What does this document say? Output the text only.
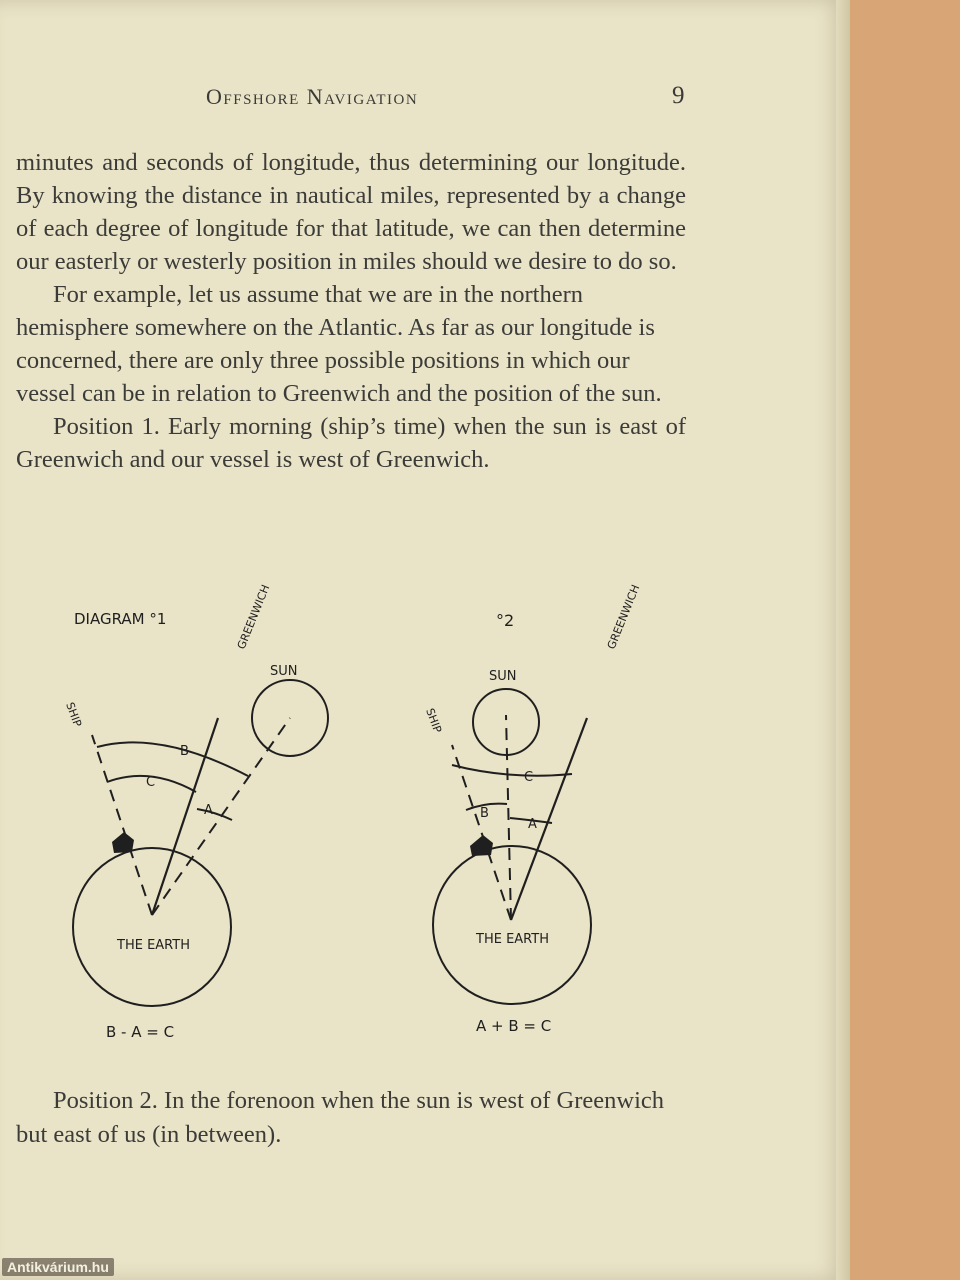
Offshore Navigation	9

minutes and seconds of longitude, thus determining our longitude. By knowing the distance in nautical miles, represented by a change of each degree of longitude for that latitude, we can then determine our easterly or westerly position in miles should we desire to do so.

For example, let us assume that we are in the northern hemisphere somewhere on the Atlantic. As far as our longitude is concerned, there are only three possible positions in which our vessel can be in relation to Greenwich and the position of the sun.

Position 1. Early morning (ship’s time) when the sun is east of Greenwich and our vessel is west of Greenwich.

DIAGRAM °1
SUN
GREENWICH
SHIP
B
C
A
THE EARTH
B - A = C
°2
SUN
GREENWICH
SHIP
C
B
A
THE EARTH
A + B = C

Position 2. In the forenoon when the sun is west of Greenwich but east of us (in between).

Antikvárium.hu
